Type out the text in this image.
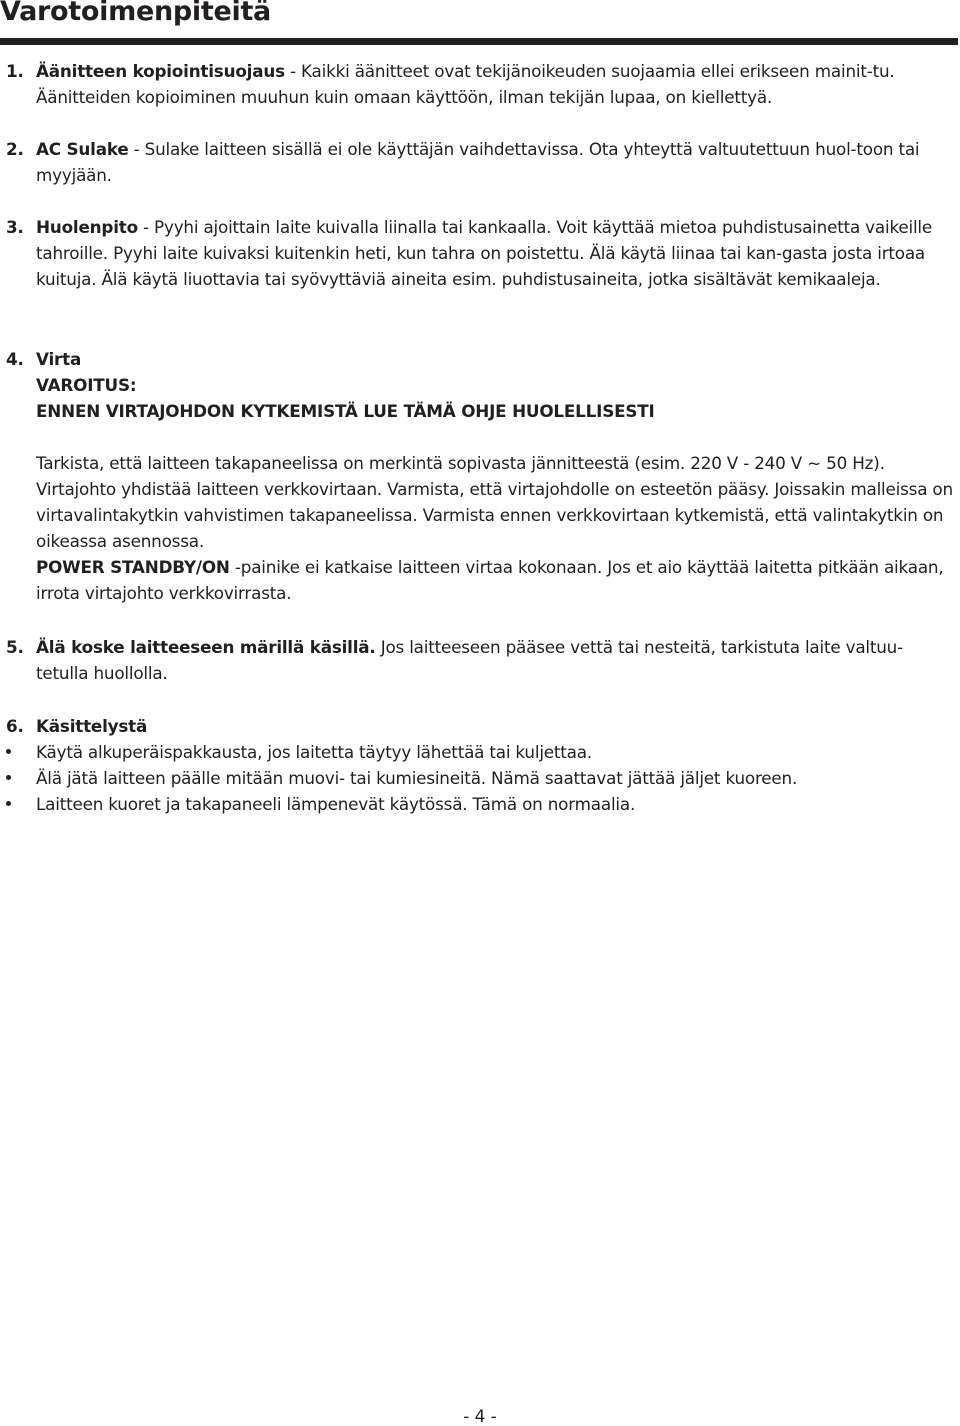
Varotoimenpiteitä
1. Äänitteen kopiointisuojaus - Kaikki äänitteet ovat tekijänoikeuden suojaamia ellei erikseen mainit-tu. Äänitteiden kopioiminen muuhun kuin omaan käyttöön, ilman tekijän lupaa, on kiellettyä.
2. AC Sulake - Sulake laitteen sisällä ei ole käyttäjän vaihdettavissa. Ota yhteyttä valtuutettuun huol-toon tai myyjään.
3. Huolenpito - Pyyhi ajoittain laite kuivalla liinalla tai kankaalla. Voit käyttää mietoa puhdistusainetta vaikeille tahroille. Pyyhi laite kuivaksi kuitenkin heti, kun tahra on poistettu. Älä käytä liinaa tai kan-gasta josta irtoaa kuituja. Älä käytä liuottavia tai syövyttäviä aineita esim. puhdistusaineita, jotka sisältävät kemikaaleja.
4. Virta
VAROITUS:
ENNEN VIRTAJOHDON KYTKEMISTÄ LUE TÄMÄ OHJE HUOLELLISESTI
Tarkista, että laitteen takapaneelissa on merkintä sopivasta jännitteestä (esim. 220 V - 240 V ~ 50 Hz). Virtajohto yhdistää laitteen verkkovirtaan. Varmista, että virtajohdolle on esteetön pääsy. Joissakin malleissa on virtavalintakytkin vahvistimen takapaneelissa. Varmista ennen verkkovirtaan kytkemistä, että valintakytkin on oikeassa asennossa.
POWER STANDBY/ON -painike ei katkaise laitteen virtaa kokonaan. Jos et aio käyttää laitetta pitkään aikaan, irrota virtajohto verkkovirrasta.
5. Älä koske laitteeseen märillä käsillä. Jos laitteeseen pääsee vettä tai nesteitä, tarkistuta laite valtuu-tetulla huollolla.
6. Käsittelystä
Käytä alkuperäispakkausta, jos laitetta täytyy lähettää tai kuljettaa.
Älä jätä laitteen päälle mitään muovi- tai kumiesineitä. Nämä saattavat jättää jäljet kuoreen.
Laitteen kuoret ja takapaneeli lämpenevät käytössä. Tämä on normaalia.
- 4 -
